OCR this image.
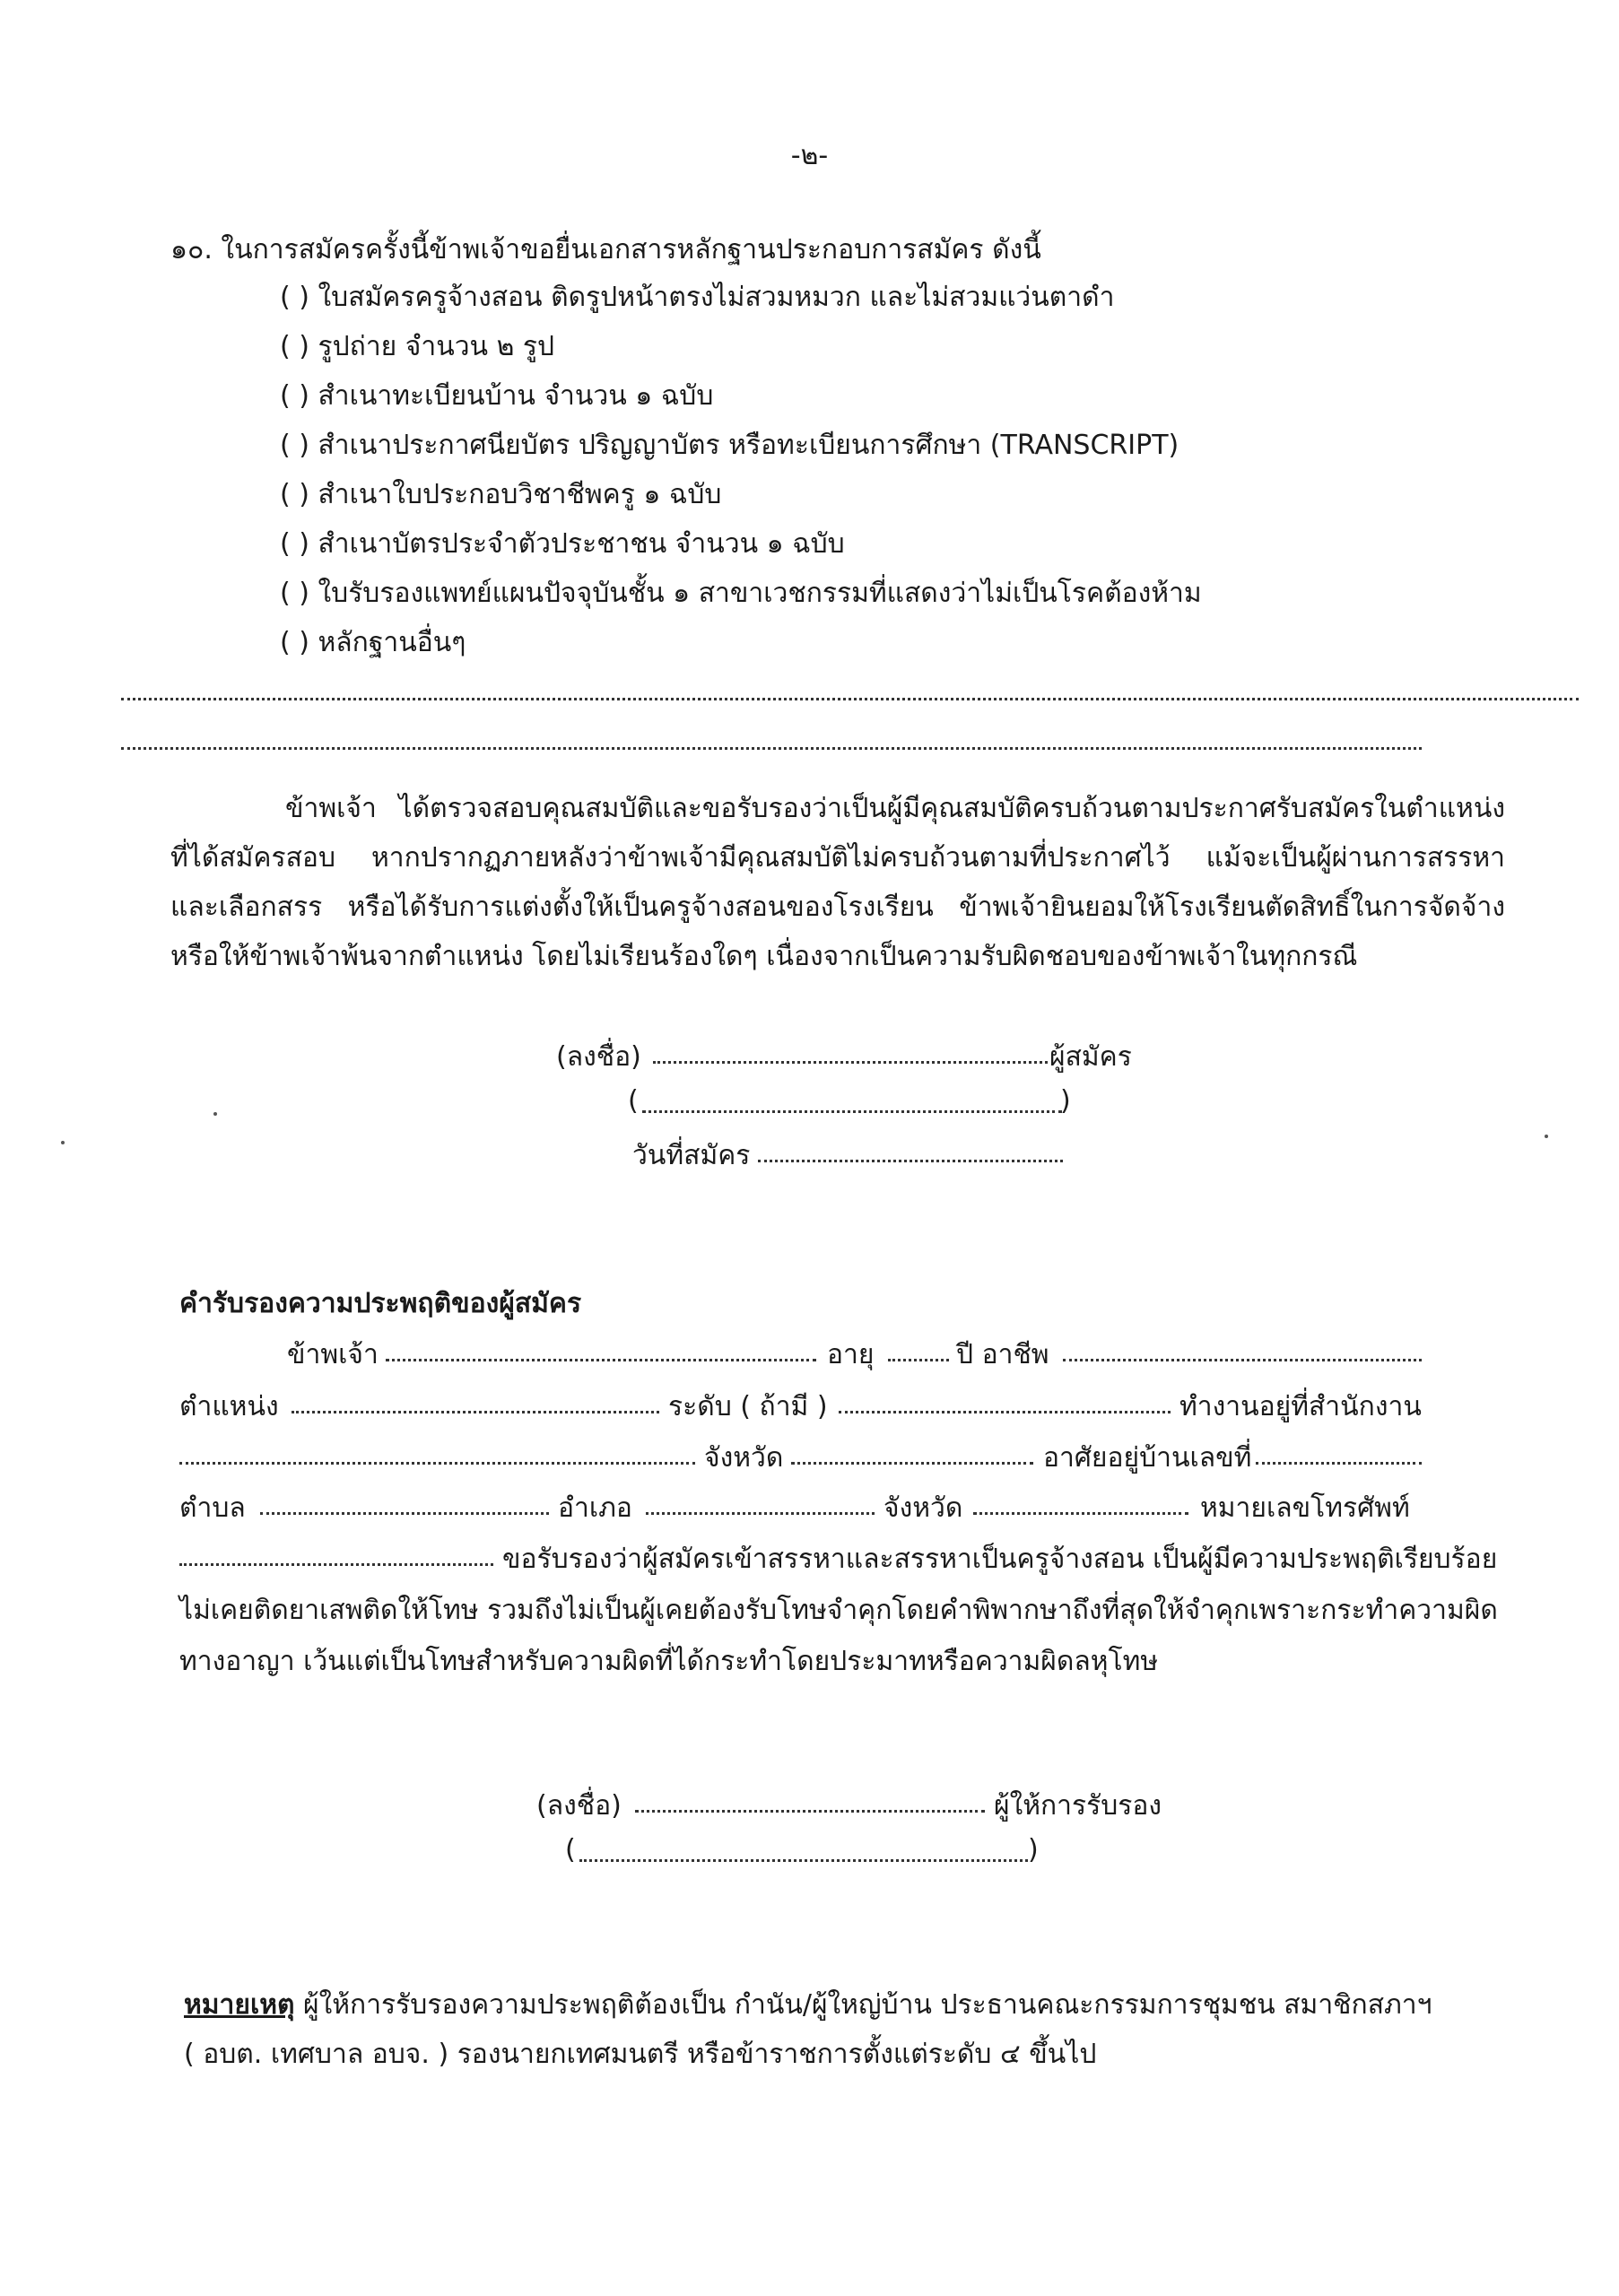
-๒-
๑๐. ในการสมัครครั้งนี้ข้าพเจ้าขอยื่นเอกสารหลักฐานประกอบการสมัคร ดังนี้
( ) ใบสมัครครูจ้างสอน ติดรูปหน้าตรงไม่สวมหมวก และไม่สวมแว่นตาดำ
( ) รูปถ่าย จำนวน ๒ รูป
( ) สำเนาทะเบียนบ้าน จำนวน ๑ ฉบับ
( ) สำเนาประกาศนียบัตร ปริญญาบัตร หรือทะเบียนการศึกษา (TRANSCRIPT)
( ) สำเนาใบประกอบวิชาชีพครู ๑ ฉบับ
( ) สำเนาบัตรประจำตัวประชาชน จำนวน ๑ ฉบับ
( ) ใบรับรองแพทย์แผนปัจจุบันชั้น ๑ สาขาเวชกรรมที่แสดงว่าไม่เป็นโรคต้องห้าม
( ) หลักฐานอื่นๆ
ข้าพเจ้า ได้ตรวจสอบคุณสมบัติและขอรับรองว่าเป็นผู้มีคุณสมบัติครบถ้วนตามประกาศรับสมัครในตำแหน่ง
ที่ได้สมัครสอบ หากปรากฏภายหลังว่าข้าพเจ้ามีคุณสมบัติไม่ครบถ้วนตามที่ประกาศไว้ แม้จะเป็นผู้ผ่านการสรรหา
และเลือกสรร หรือได้รับการแต่งตั้งให้เป็นครูจ้างสอนของโรงเรียน ข้าพเจ้ายินยอมให้โรงเรียนตัดสิทธิ์ในการจัดจ้าง
หรือให้ข้าพเจ้าพ้นจากตำแหน่ง โดยไม่เรียนร้องใดๆ เนื่องจากเป็นความรับผิดชอบของข้าพเจ้าในทุกกรณี
(ลงชื่อ)	ผู้สมัคร
(	)
วันที่สมัคร
คำรับรองความประพฤติของผู้สมัคร
ข้าพเจ้า	อายุ	ปี อาชีพ
ตำแหน่ง	ระดับ ( ถ้ามี )	ทำงานอยู่ที่สำนักงาน
จังหวัด	อาศัยอยู่บ้านเลขที่
ตำบล	อำเภอ	จังหวัด	หมายเลขโทรศัพท์
ขอรับรองว่าผู้สมัครเข้าสรรหาและสรรหาเป็นครูจ้างสอน เป็นผู้มีความประพฤติเรียบร้อย
ไม่เคยติดยาเสพติดให้โทษ รวมถึงไม่เป็นผู้เคยต้องรับโทษจำคุกโดยคำพิพากษาถึงที่สุดให้จำคุกเพราะกระทำความผิด
ทางอาญา เว้นแต่เป็นโทษสำหรับความผิดที่ได้กระทำโดยประมาทหรือความผิดลหุโทษ
(ลงชื่อ)	ผู้ให้การรับรอง
(	)
หมายเหตุ ผู้ให้การรับรองความประพฤติต้องเป็น กำนัน/ผู้ใหญ่บ้าน ประธานคณะกรรมการชุมชน สมาชิกสภาฯ
( อบต. เทศบาล อบจ. ) รองนายกเทศมนตรี หรือข้าราชการตั้งแต่ระดับ ๔ ขึ้นไป
